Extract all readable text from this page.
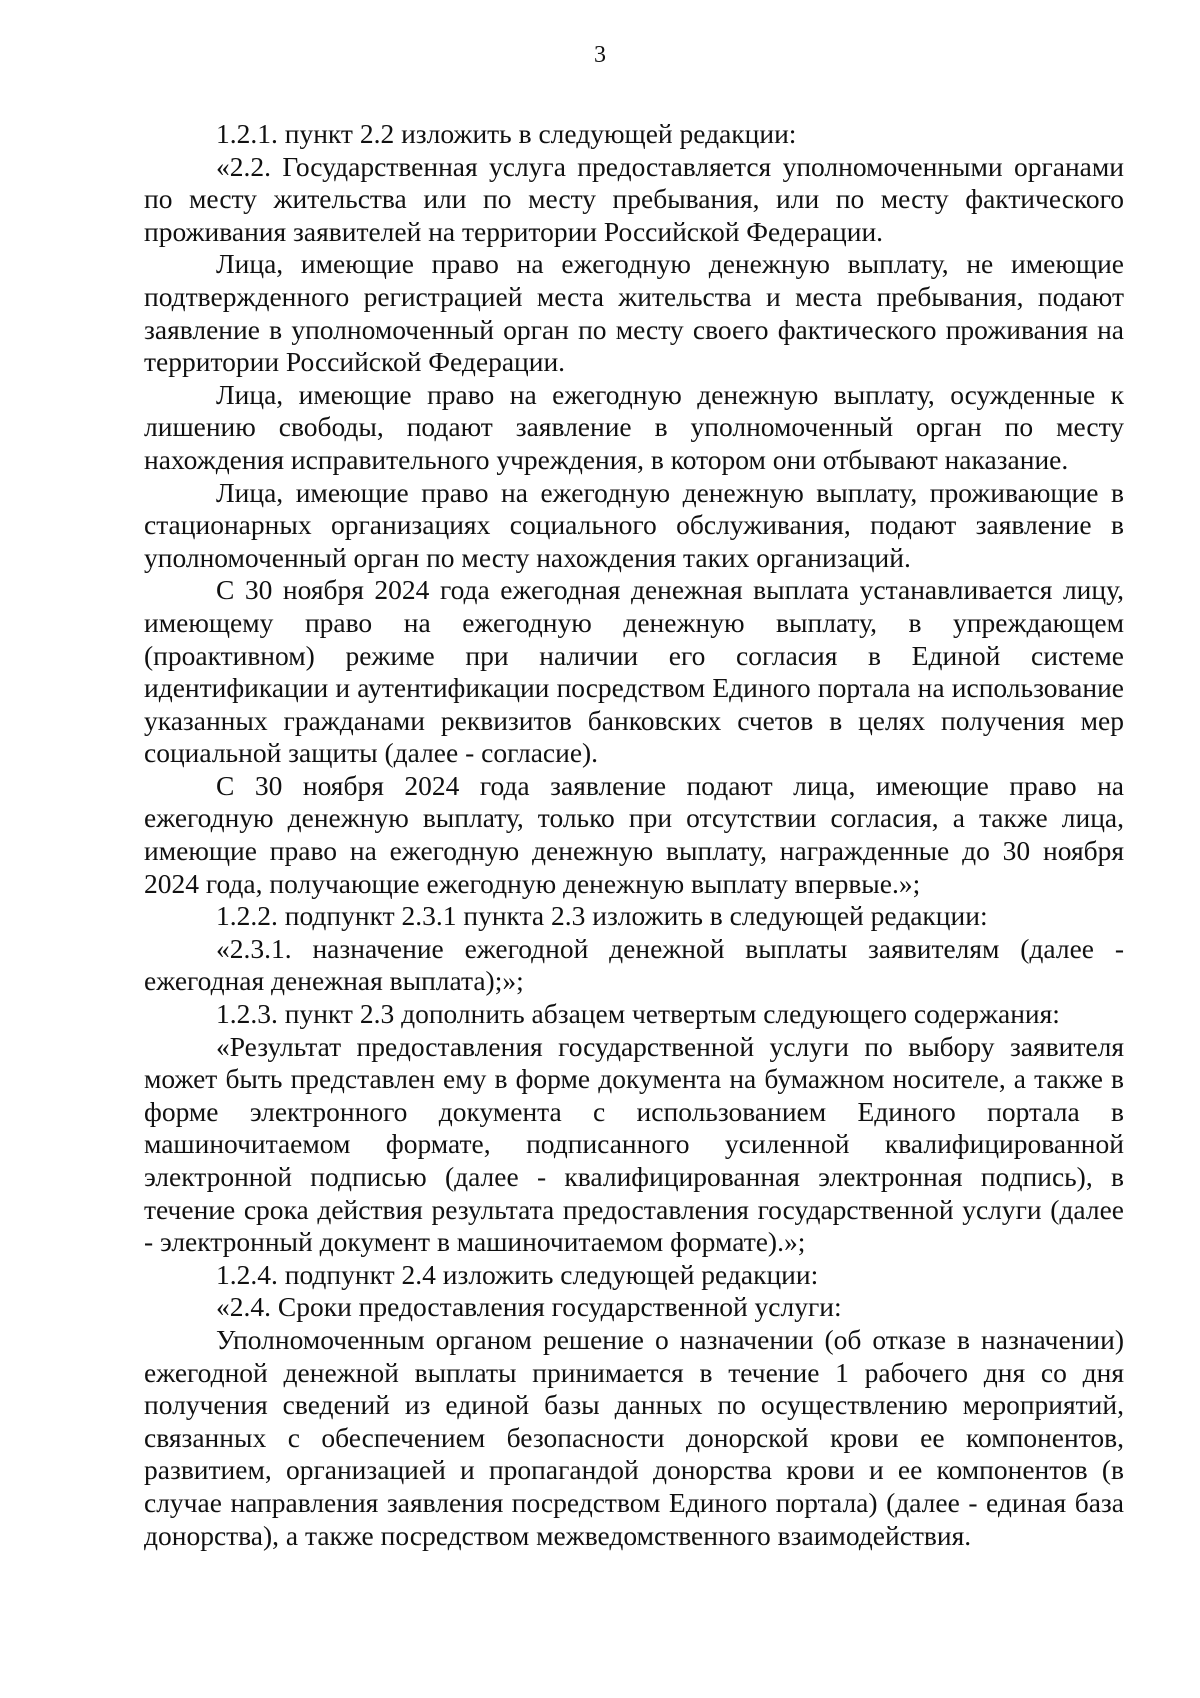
3

1.2.1. пункт 2.2 изложить в следующей редакции:

«2.2. Государственная услуга предоставляется уполномоченными органами по месту жительства или по месту пребывания, или по месту фактического проживания заявителей на территории Российской Федерации.

Лица, имеющие право на ежегодную денежную выплату, не имеющие подтвержденного регистрацией места жительства и места пребывания, подают заявление в уполномоченный орган по месту своего фактического проживания на территории Российской Федерации.

Лица, имеющие право на ежегодную денежную выплату, осужденные к лишению свободы, подают заявление в уполномоченный орган по месту нахождения исправительного учреждения, в котором они отбывают наказание.

Лица, имеющие право на ежегодную денежную выплату, проживающие в стационарных организациях социального обслуживания, подают заявление в уполномоченный орган по месту нахождения таких организаций.

С 30 ноября 2024 года ежегодная денежная выплата устанавливается лицу, имеющему право на ежегодную денежную выплату, в упреждающем (проактивном) режиме при наличии его согласия в Единой системе идентификации и аутентификации посредством Единого портала на использование указанных гражданами реквизитов банковских счетов в целях получения мер социальной защиты (далее - согласие).

С 30 ноября 2024 года заявление подают лица, имеющие право на ежегодную денежную выплату, только при отсутствии согласия, а также лица, имеющие право на ежегодную денежную выплату, награжденные до 30 ноября 2024 года, получающие ежегодную денежную выплату впервые.»;

1.2.2. подпункт 2.3.1 пункта 2.3 изложить в следующей редакции:

«2.3.1. назначение ежегодной денежной выплаты заявителям (далее - ежегодная денежная выплата);»;

1.2.3. пункт 2.3 дополнить абзацем четвертым следующего содержания:

«Результат предоставления государственной услуги по выбору заявителя может быть представлен ему в форме документа на бумажном носителе, а также в форме электронного документа с использованием Единого портала в машиночитаемом формате, подписанного усиленной квалифицированной электронной подписью (далее - квалифицированная электронная подпись), в течение срока действия результата предоставления государственной услуги (далее - электронный документ в машиночитаемом формате).»;

1.2.4. подпункт 2.4 изложить следующей редакции:

«2.4. Сроки предоставления государственной услуги:

Уполномоченным органом решение о назначении (об отказе в назначении) ежегодной денежной выплаты принимается в течение 1 рабочего дня со дня получения сведений из единой базы данных по осуществлению мероприятий, связанных с обеспечением безопасности донорской крови ее компонентов, развитием, организацией и пропагандой донорства крови и ее компонентов (в случае направления заявления посредством Единого портала) (далее - единая база донорства), а также посредством межведомственного взаимодействия.
